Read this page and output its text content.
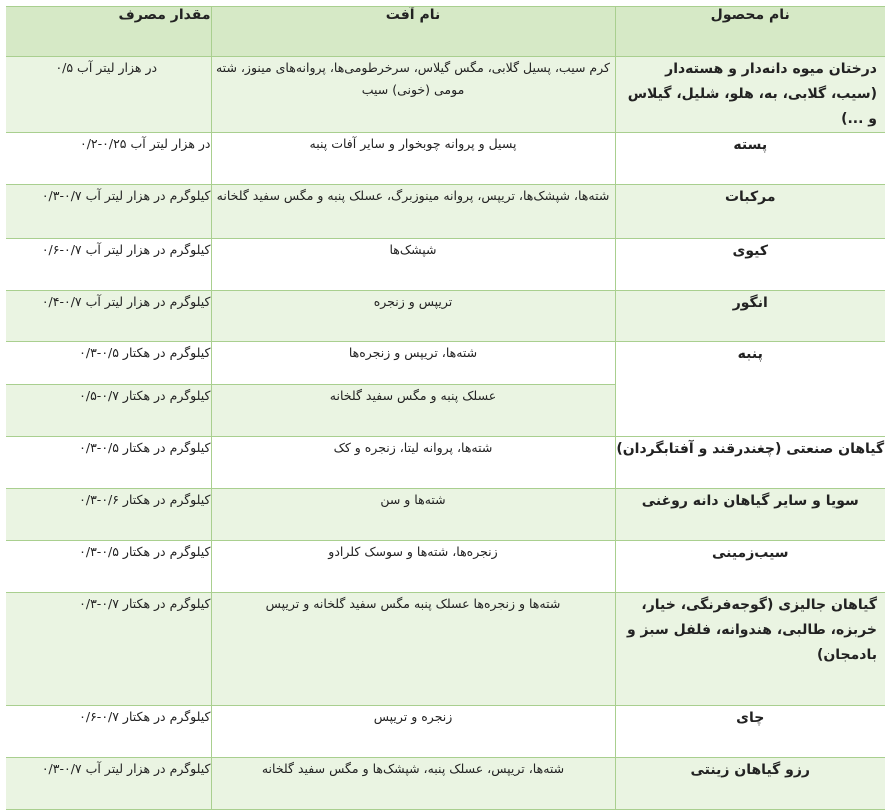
نام محصول	نام آفت	مقدار مصرف
درختان میوه دانه‌دار و هسته‌دار (سیب، گلابی، به، هلو، شلیل، گیلاس و ...)	کرم سیب، پسیل گلابی، مگس گیلاس، سرخرطومی‌ها، پروانه‌های مینوز، شته مومی (خونی) سیب	در هزار لیتر آب ۰/۵
پسته	پسیل و پروانه چوبخوار و سایر آفات پنبه	در هزار لیتر آب ۰/۲۵-۰/۲
مرکبات	شته‌ها، شپشک‌ها، تریپس، پروانه مینوزبرگ، عسلک پنبه و مگس سفید گلخانه	کیلوگرم در هزار لیتر آب ۰/۷-۰/۳
کیوی	شپشک‌ها	کیلوگرم در هزار لیتر آب ۰/۷-۰/۶
انگور	تریپس و زنجره	کیلوگرم در هزار لیتر آب ۰/۷-۰/۴
پنبه	شته‌ها، تریپس و زنجره‌ها	کیلوگرم در هکتار ۰/۵-۰/۳
	عسلک پنبه و مگس سفید گلخانه	کیلوگرم در هکتار ۰/۷-۰/۵
گیاهان صنعتی (چغندرقند و آفتابگردان)	شته‌ها، پروانه لیتا، زنجره و کک	کیلوگرم در هکتار ۰/۵-۰/۳
سویا و سایر گیاهان دانه روغنی	شته‌ها و سن	کیلوگرم در هکتار ۰/۶-۰/۳
سیب‌زمینی	زنجره‌ها، شته‌ها و سوسک کلرادو	کیلوگرم در هکتار ۰/۵-۰/۳
گیاهان جالیزی (گوجه‌فرنگی، خیار، خربزه، طالبی، هندوانه، فلفل سبز و بادمجان)	شته‌ها و زنجره‌ها عسلک پنبه مگس سفید گلخانه و تریپس	کیلوگرم در هکتار ۰/۷-۰/۳
چای	زنجره و تریپس	کیلوگرم در هکتار ۰/۷-۰/۶
رزو گیاهان زینتی	شته‌ها، تریپس، عسلک پنبه، شپشک‌ها و مگس سفید گلخانه	کیلوگرم در هزار لیتر آب ۰/۷-۰/۳
